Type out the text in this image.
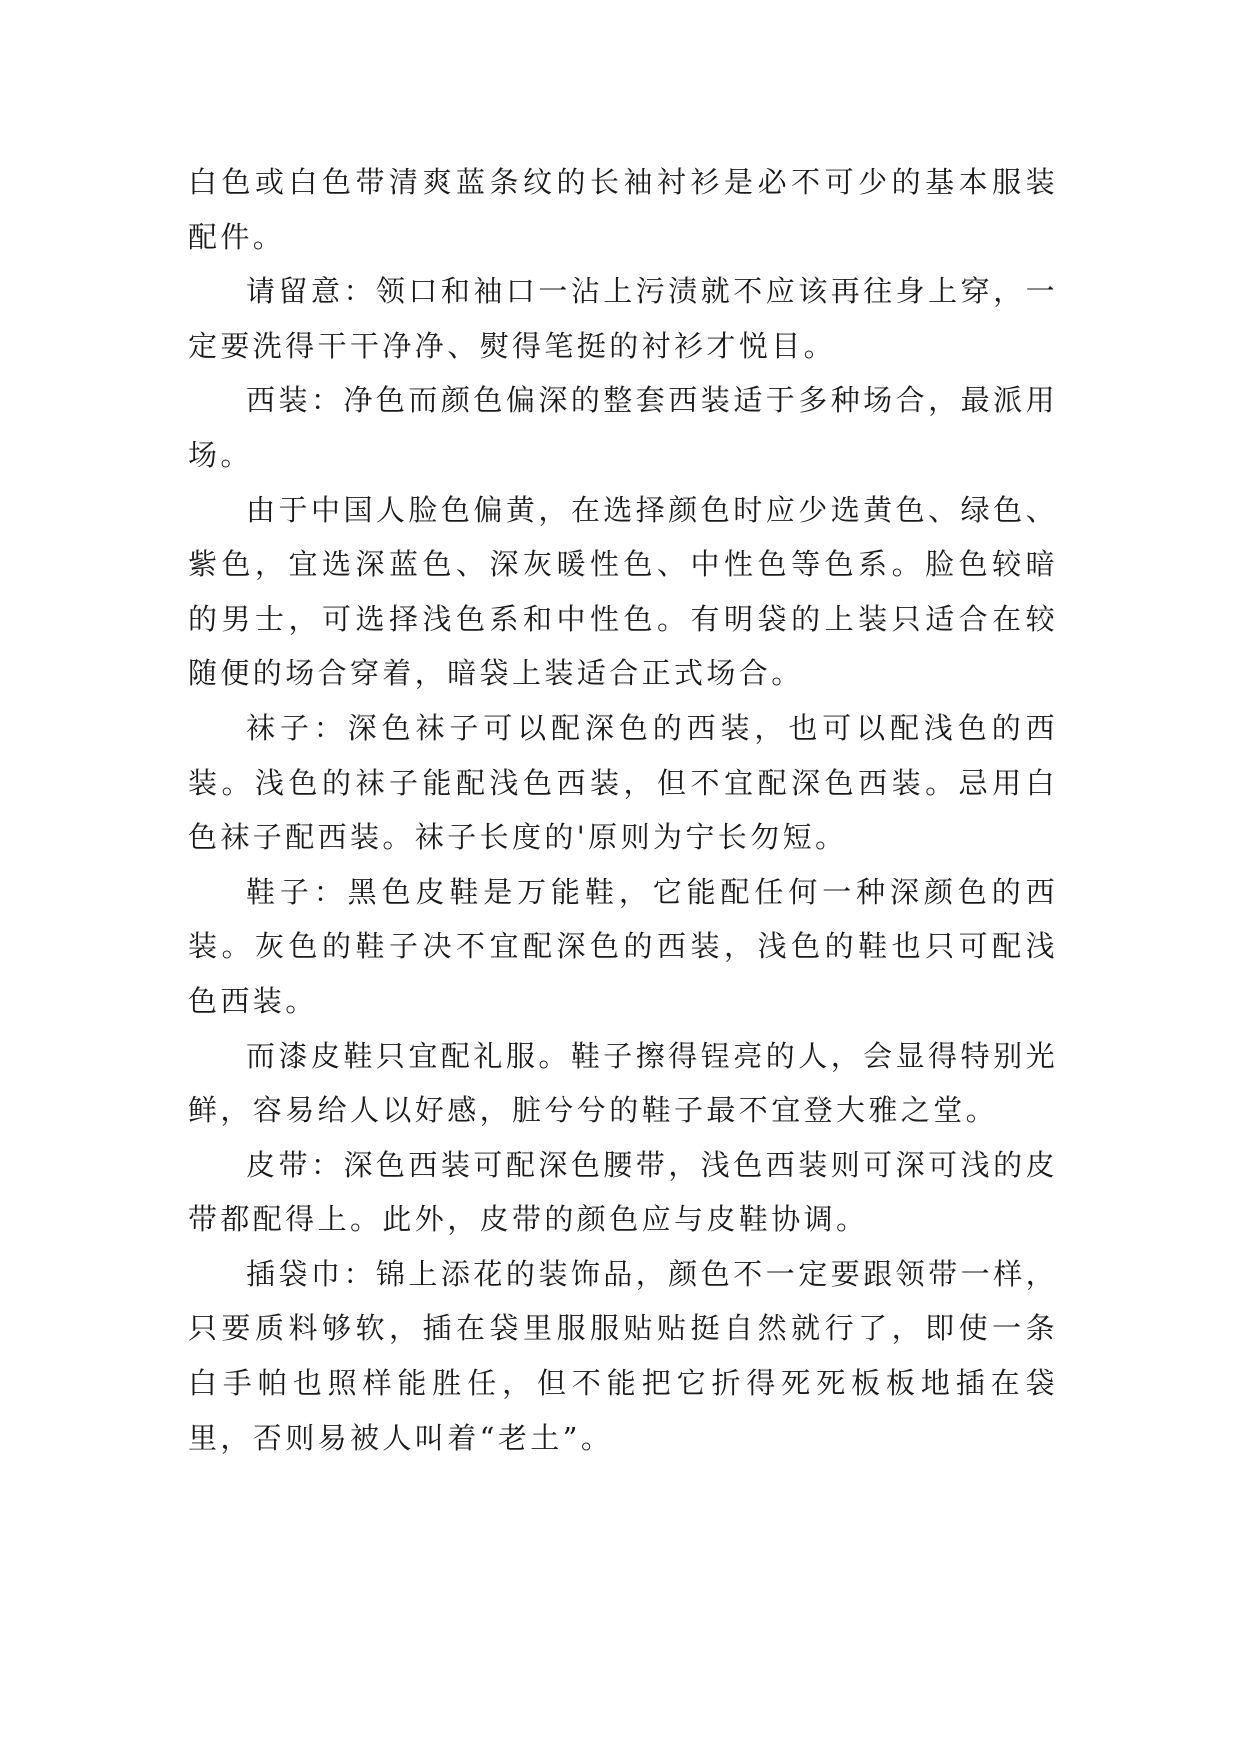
白色或白色带清爽蓝条纹的长袖衬衫是必不可少的基本服装配件。

请留意：领口和袖口一沾上污渍就不应该再往身上穿，一定要洗得干干净净、熨得笔挺的衬衫才悦目。

西装：净色而颜色偏深的整套西装适于多种场合，最派用场。

由于中国人脸色偏黄，在选择颜色时应少选黄色、绿色、紫色，宜选深蓝色、深灰暖性色、中性色等色系。脸色较暗的男士，可选择浅色系和中性色。有明袋的上装只适合在较随便的场合穿着，暗袋上装适合正式场合。

袜子：深色袜子可以配深色的西装，也可以配浅色的西装。浅色的袜子能配浅色西装，但不宜配深色西装。忌用白色袜子配西装。袜子长度的'原则为宁长勿短。

鞋子：黑色皮鞋是万能鞋，它能配任何一种深颜色的西装。灰色的鞋子决不宜配深色的西装，浅色的鞋也只可配浅色西装。

而漆皮鞋只宜配礼服。鞋子擦得锃亮的人，会显得特别光鲜，容易给人以好感，脏兮兮的鞋子最不宜登大雅之堂。

皮带：深色西装可配深色腰带，浅色西装则可深可浅的皮带都配得上。此外，皮带的颜色应与皮鞋协调。

插袋巾：锦上添花的装饰品，颜色不一定要跟领带一样，只要质料够软，插在袋里服服贴贴挺自然就行了，即使一条白手帕也照样能胜任，但不能把它折得死死板板地插在袋里，否则易被人叫着“老土”。
